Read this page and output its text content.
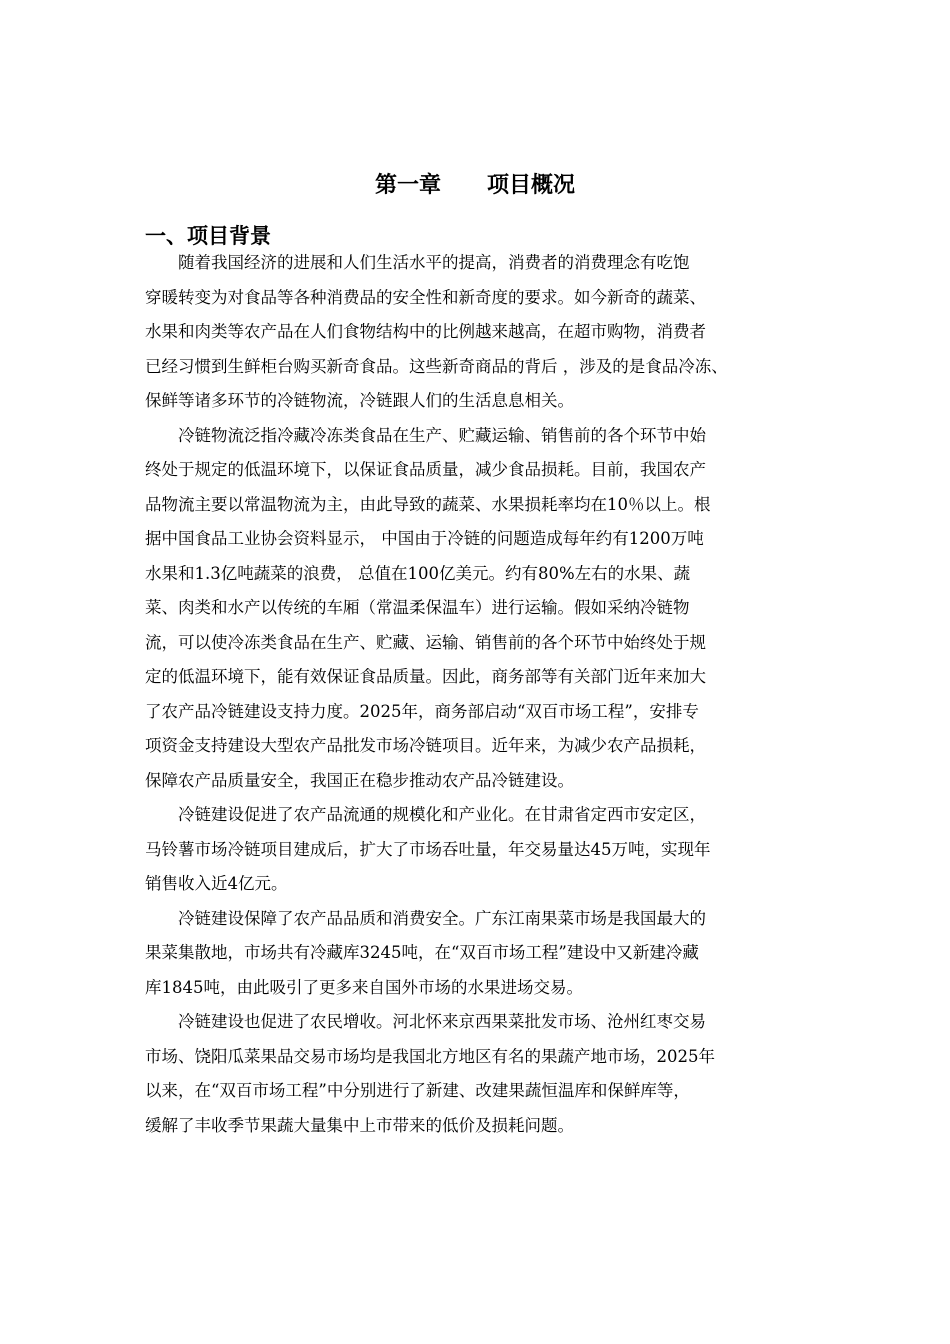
第一章      项目概况
一、项目背景

随着我国经济的进展和人们生活水平的提高，消费者的消费理念有吃饱
穿暖转变为对食品等各种消费品的安全性和新奇度的要求。如今新奇的蔬菜、
水果和肉类等农产品在人们食物结构中的比例越来越高，在超市购物，消费者
已经习惯到生鲜柜台购买新奇食品。这些新奇商品的背后 ，涉及的是食品冷冻、
保鲜等诸多环节的冷链物流，冷链跟人们的生活息息相关。

冷链物流泛指冷藏冷冻类食品在生产、贮藏运输、销售前的各个环节中始
终处于规定的低温环境下，以保证食品质量，减少食品损耗。目前，我国农产
品物流主要以常温物流为主，由此导致的蔬菜、水果损耗率均在10％以上。根
据中国食品工业协会资料显示， 中国由于冷链的问题造成每年约有1200万吨
水果和1.3亿吨蔬菜的浪费， 总值在100亿美元。约有80%左右的水果、蔬
菜、肉类和水产以传统的车厢（常温柔保温车）进行运输。假如采纳冷链物
流，可以使冷冻类食品在生产、贮藏、运输、销售前的各个环节中始终处于规
定的低温环境下，能有效保证食品质量。因此，商务部等有关部门近年来加大
了农产品冷链建设支持力度。2025年，商务部启动“双百市场工程”，安排专
项资金支持建设大型农产品批发市场冷链项目。近年来，为减少农产品损耗，
保障农产品质量安全，我国正在稳步推动农产品冷链建设。

冷链建设促进了农产品流通的规模化和产业化。在甘肃省定西市安定区，
马铃薯市场冷链项目建成后，扩大了市场吞吐量，年交易量达45万吨，实现年
销售收入近4亿元。

冷链建设保障了农产品品质和消费安全。广东江南果菜市场是我国最大的
果菜集散地，市场共有冷藏库3245吨，在“双百市场工程”建设中又新建冷藏
库1845吨，由此吸引了更多来自国外市场的水果进场交易。

冷链建设也促进了农民增收。河北怀来京西果菜批发市场、沧州红枣交易
市场、饶阳瓜菜果品交易市场均是我国北方地区有名的果蔬产地市场，2025年
以来，在“双百市场工程”中分别进行了新建、改建果蔬恒温库和保鲜库等，
缓解了丰收季节果蔬大量集中上市带来的低价及损耗问题。
